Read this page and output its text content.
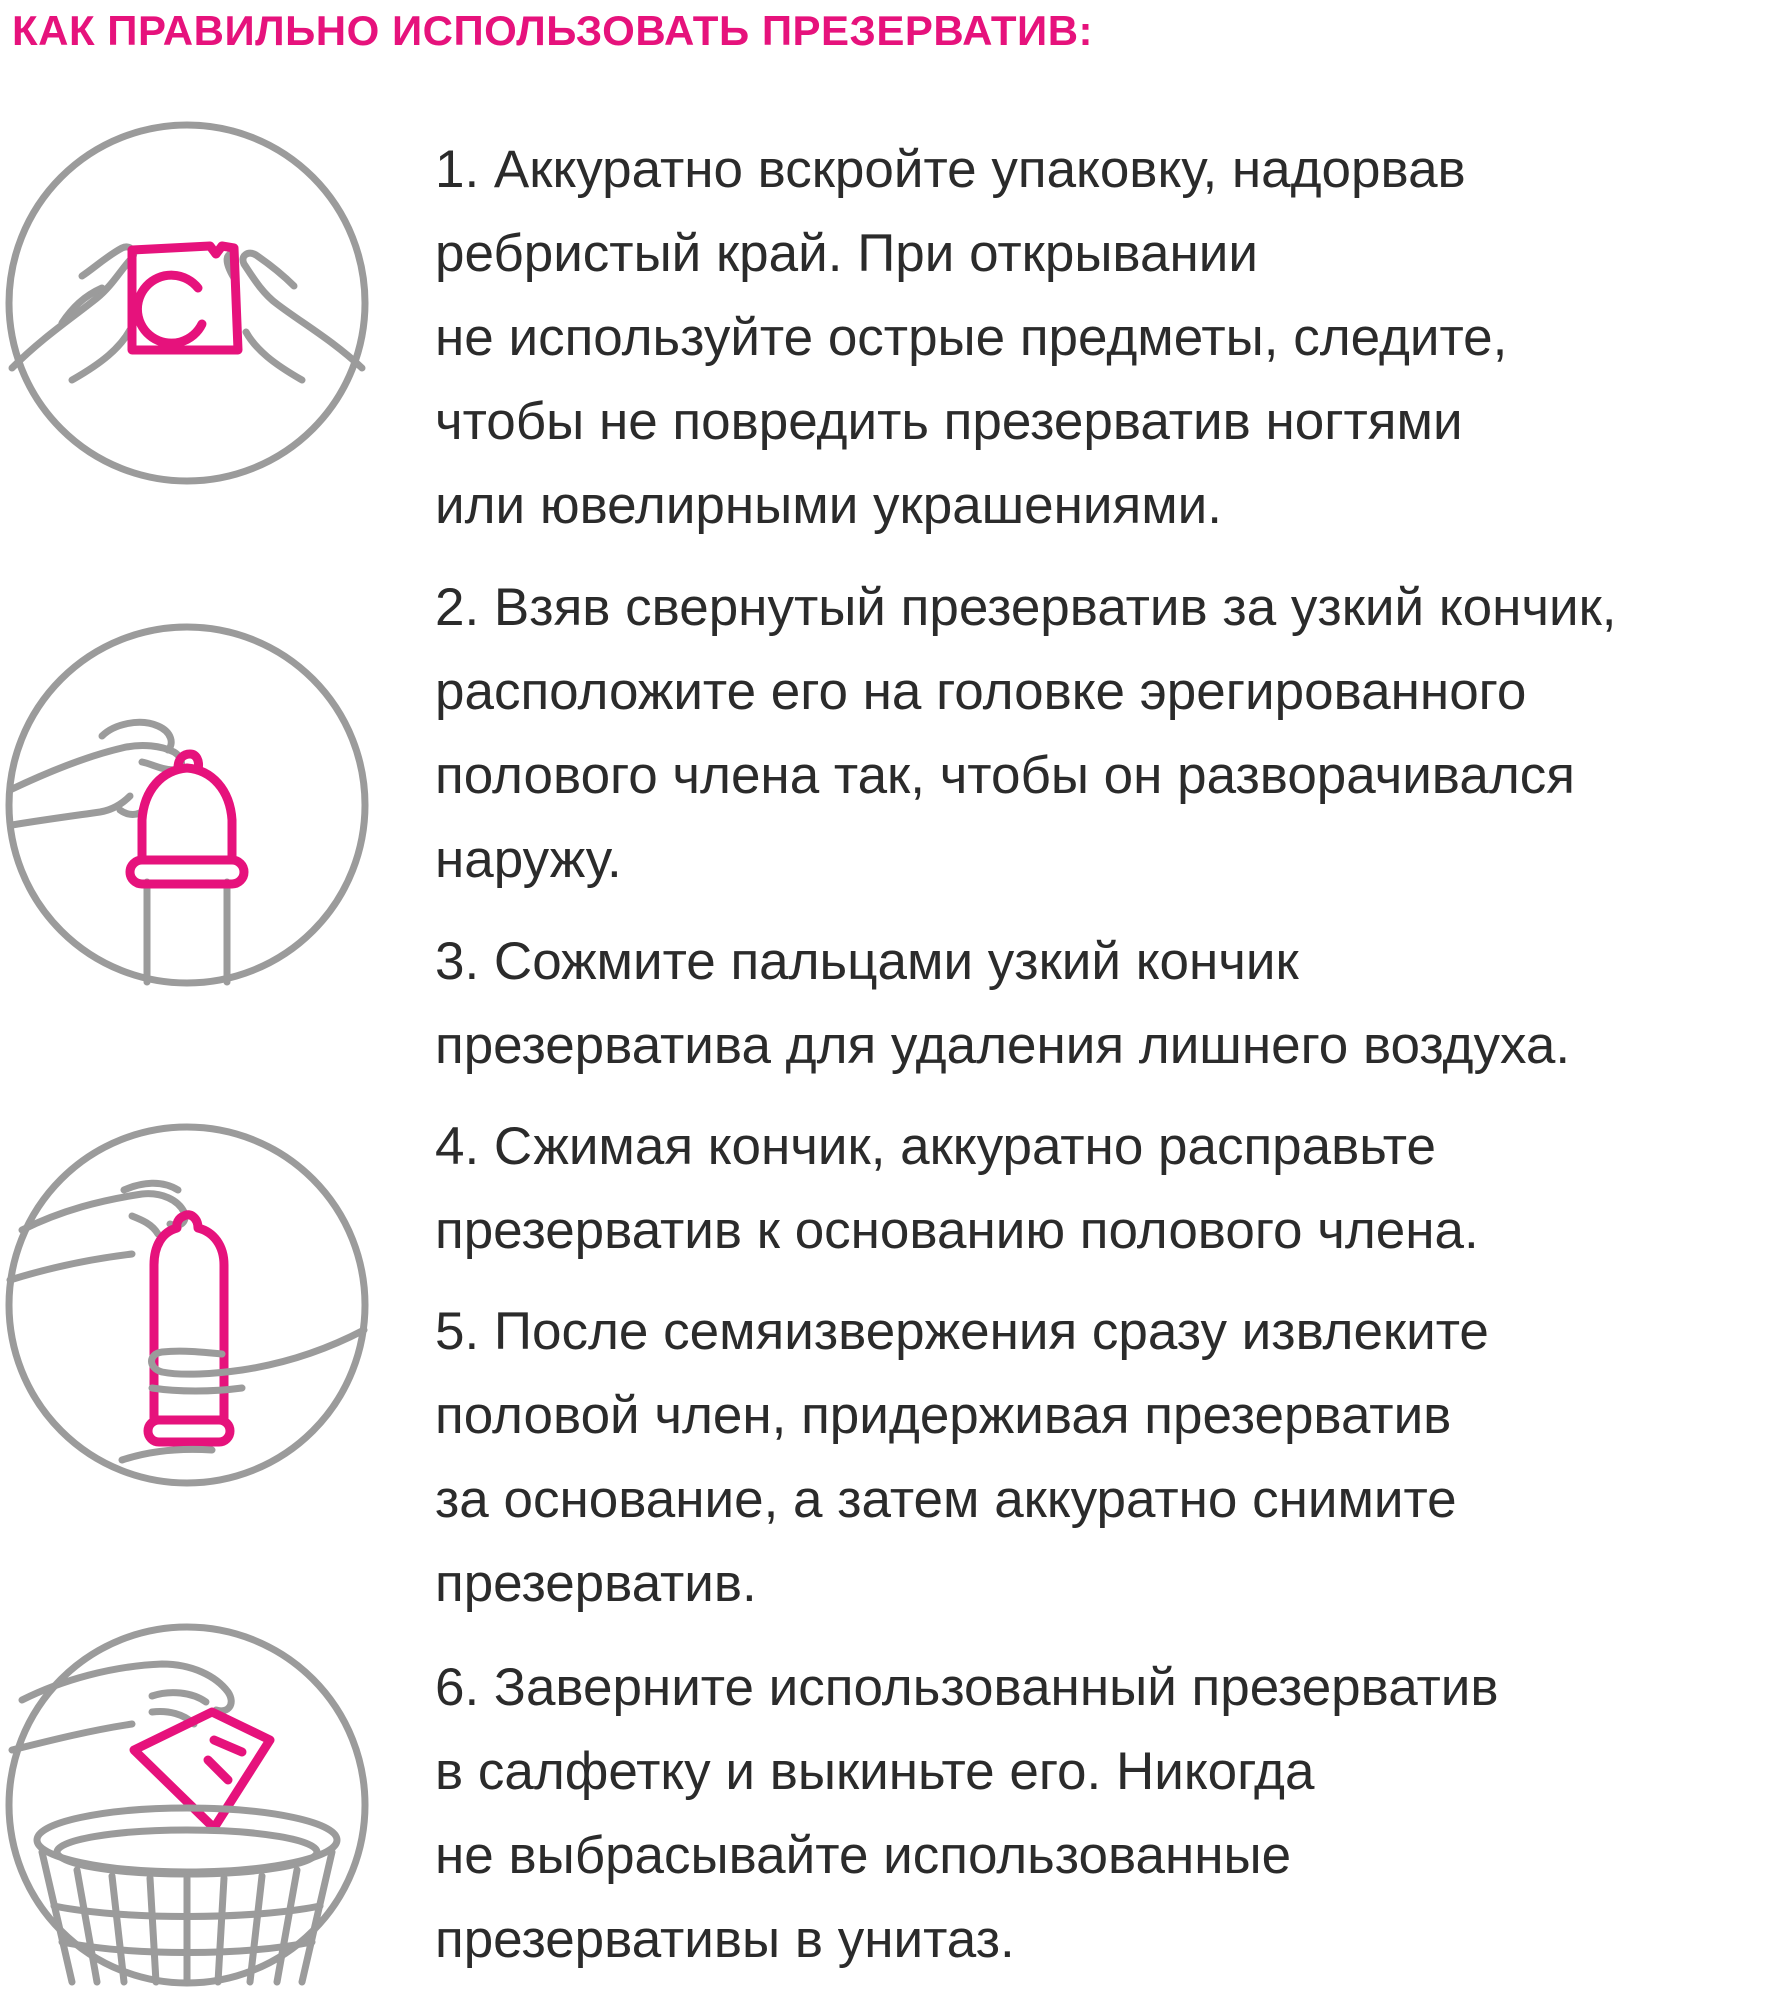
КАК ПРАВИЛЬНО ИСПОЛЬЗОВАТЬ ПРЕЗЕРВАТИВ:
1. Аккуратно вскройте упаковку, надорвав
ребристый край. При открывании
не используйте острые предметы, следите,
чтобы не повредить презерватив ногтями
или ювелирными украшениями.
2. Взяв свернутый презерватив за узкий кончик,
расположите его на головке эрегированного
полового члена так, чтобы он разворачивался
наружу.
3. Сожмите пальцами узкий кончик
презерватива для удаления лишнего воздуха.
4. Сжимая кончик, аккуратно расправьте
презерватив к основанию полового члена.
5. После семяизвержения сразу извлеките
половой член, придерживая презерватив
за основание, а затем аккуратно снимите
презерватив.
6. Заверните использованный презерватив
в салфетку и выкиньте его. Никогда
не выбрасывайте использованные
презервативы в унитаз.
